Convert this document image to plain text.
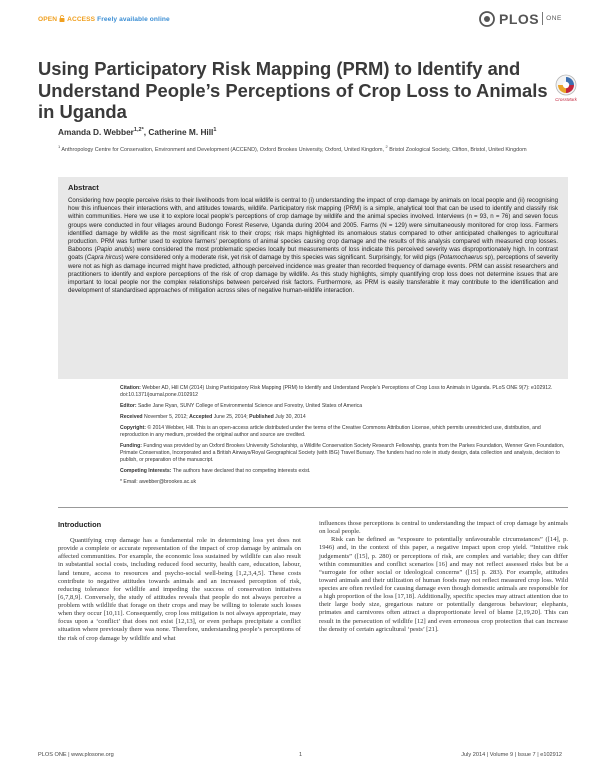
OPEN ACCESS Freely available online	PLOS ONE
Using Participatory Risk Mapping (PRM) to Identify and Understand People’s Perceptions of Crop Loss to Animals in Uganda
CrossMark
Amanda D. Webber$^{1,2*}$, Catherine M. Hill$^1$
$^1$ Anthropology Centre for Conservation, Environment and Development (ACCEND), Oxford Brookes University, Oxford, United Kingdom, $^2$ Bristol Zoological Society, Clifton, Bristol, United Kingdom
Abstract

Considering how people perceive risks to their livelihoods from local wildlife is central to (i) understanding the impact of crop damage by animals on local people and (ii) recognising how this influences their interactions with, and attitudes towards, wildlife. Participatory risk mapping (PRM) is a simple, analytical tool that can be used to identify and classify risk within communities. Here we use it to explore local people’s perceptions of crop damage by wildlife and the animal species involved. Interviews (n = 93, n = 76) and seven focus groups were conducted in four villages around Budongo Forest Reserve, Uganda during 2004 and 2005. Farms (N = 129) were simultaneously monitored for crop loss. Farmers identified damage by wildlife as the most significant risk to their crops; risk maps highlighted its anomalous status compared to other anticipated challenges to agricultural production. PRM was further used to explore farmers’ perceptions of animal species causing crop damage and the results of this analysis compared with measured crop losses. Baboons (Papio anubis) were considered the most problematic species locally but measurements of loss indicate this perceived severity was disproportionately high. In contrast goats (Capra hircus) were considered only a moderate risk, yet risk of damage by this species was significant. Surprisingly, for wild pigs (Potamochaerus sp), perceptions of severity were not as high as damage incurred might have predicted, although perceived incidence was greater than recorded frequency of damage events. PRM can assist researchers and practitioners to identify and explore perceptions of the risk of crop damage by wildlife. As this study highlights, simply quantifying crop loss does not determine issues that are important to local people nor the complex relationships between perceived risk factors. Furthermore, as PRM is easily transferable it may contribute to the identification and development of standardised approaches of mitigation across sites of negative human-wildlife interaction.

Citation: Webber AD, Hill CM (2014) Using Participatory Risk Mapping (PRM) to Identify and Understand People’s Perceptions of Crop Loss to Animals in Uganda. PLoS ONE 9(7): e102912. doi:10.1371/journal.pone.0102912
Editor: Sadie Jane Ryan, SUNY College of Environmental Science and Forestry, United States of America
Received November 5, 2012; Accepted June 25, 2014; Published July 30, 2014
Copyright: © 2014 Webber, Hill. This is an open-access article distributed under the terms of the Creative Commons Attribution License, which permits unrestricted use, distribution, and reproduction in any medium, provided the original author and source are credited.
Funding: Funding was provided by an Oxford Brookes University Scholarship, a Wildlife Conservation Society Research Fellowship, grants from the Parkes Foundation, Wenner Gren Foundation, Primate Conservation, Incorporated and a British Airways/Royal Geographical Society (with IBG) Travel Bursary. The funders had no role in study design, data collection and analysis, decision to publish, or preparation of the manuscript.
Competing Interests: The authors have declared that no competing interests exist.
* Email: awebber@brookes.ac.uk
Introduction

Quantifying crop damage has a fundamental role in determining loss yet does not provide a complete or accurate representation of the impact of crop damage by animals on affected communities. For example, the economic loss sustained by wildlife can also result in substantial social costs, including reduced food security, health care, education, labour, land tenure, access to resources and psycho-social well-being [1,2,3,4,5]. These costs contribute to negative attitudes towards animals and an increased perception of risk, reducing tolerance for wildlife and impeding the success of conservation initiatives [6,7,8,9]. Conversely, the study of attitudes reveals that people do not always perceive a problem with wildlife that forage on their crops and may be willing to tolerate such losses when they occur [10,11]. Consequently, crop loss mitigation is not always appropriate, may focus upon a ‘conflict’ that does not exist [12,13], or even perhaps precipitate a conflict situation where previously there was none. Therefore, understanding people’s perceptions of the risk of crop damage by wildlife and what

influences those perceptions is central to understanding the impact of crop damage by animals on local people.

Risk can be defined as “exposure to potentially unfavourable circumstances” ([14], p. 1946) and, in the context of this paper, a negative impact upon crop yield. “Intuitive risk judgements” ([15], p. 280) or perceptions of risk, are complex and variable; they can differ within communities and conflict scenarios [16] and may not reflect assessed risks but be a “surrogate for other social or ideological concerns” ([15] p. 283). For example, attitudes toward animals and their utilization of human foods may not reflect measured crop loss. Wild species are often reviled for causing damage even though domestic animals are responsible for a high proportion of the loss [17,18]. Additionally, specific species may attract attention due to their large body size, gregarious nature or potentially dangerous behaviour; elephants, primates and carnivores often attract a disproportionate level of blame [2,19,20]. This can result in the persecution of wildlife [12] and even erroneous crop protection that can increase the density of certain agricultural ‘pests’ [21].

PLOS ONE | www.plosone.org	1	July 2014 | Volume 9 | Issue 7 | e102912
